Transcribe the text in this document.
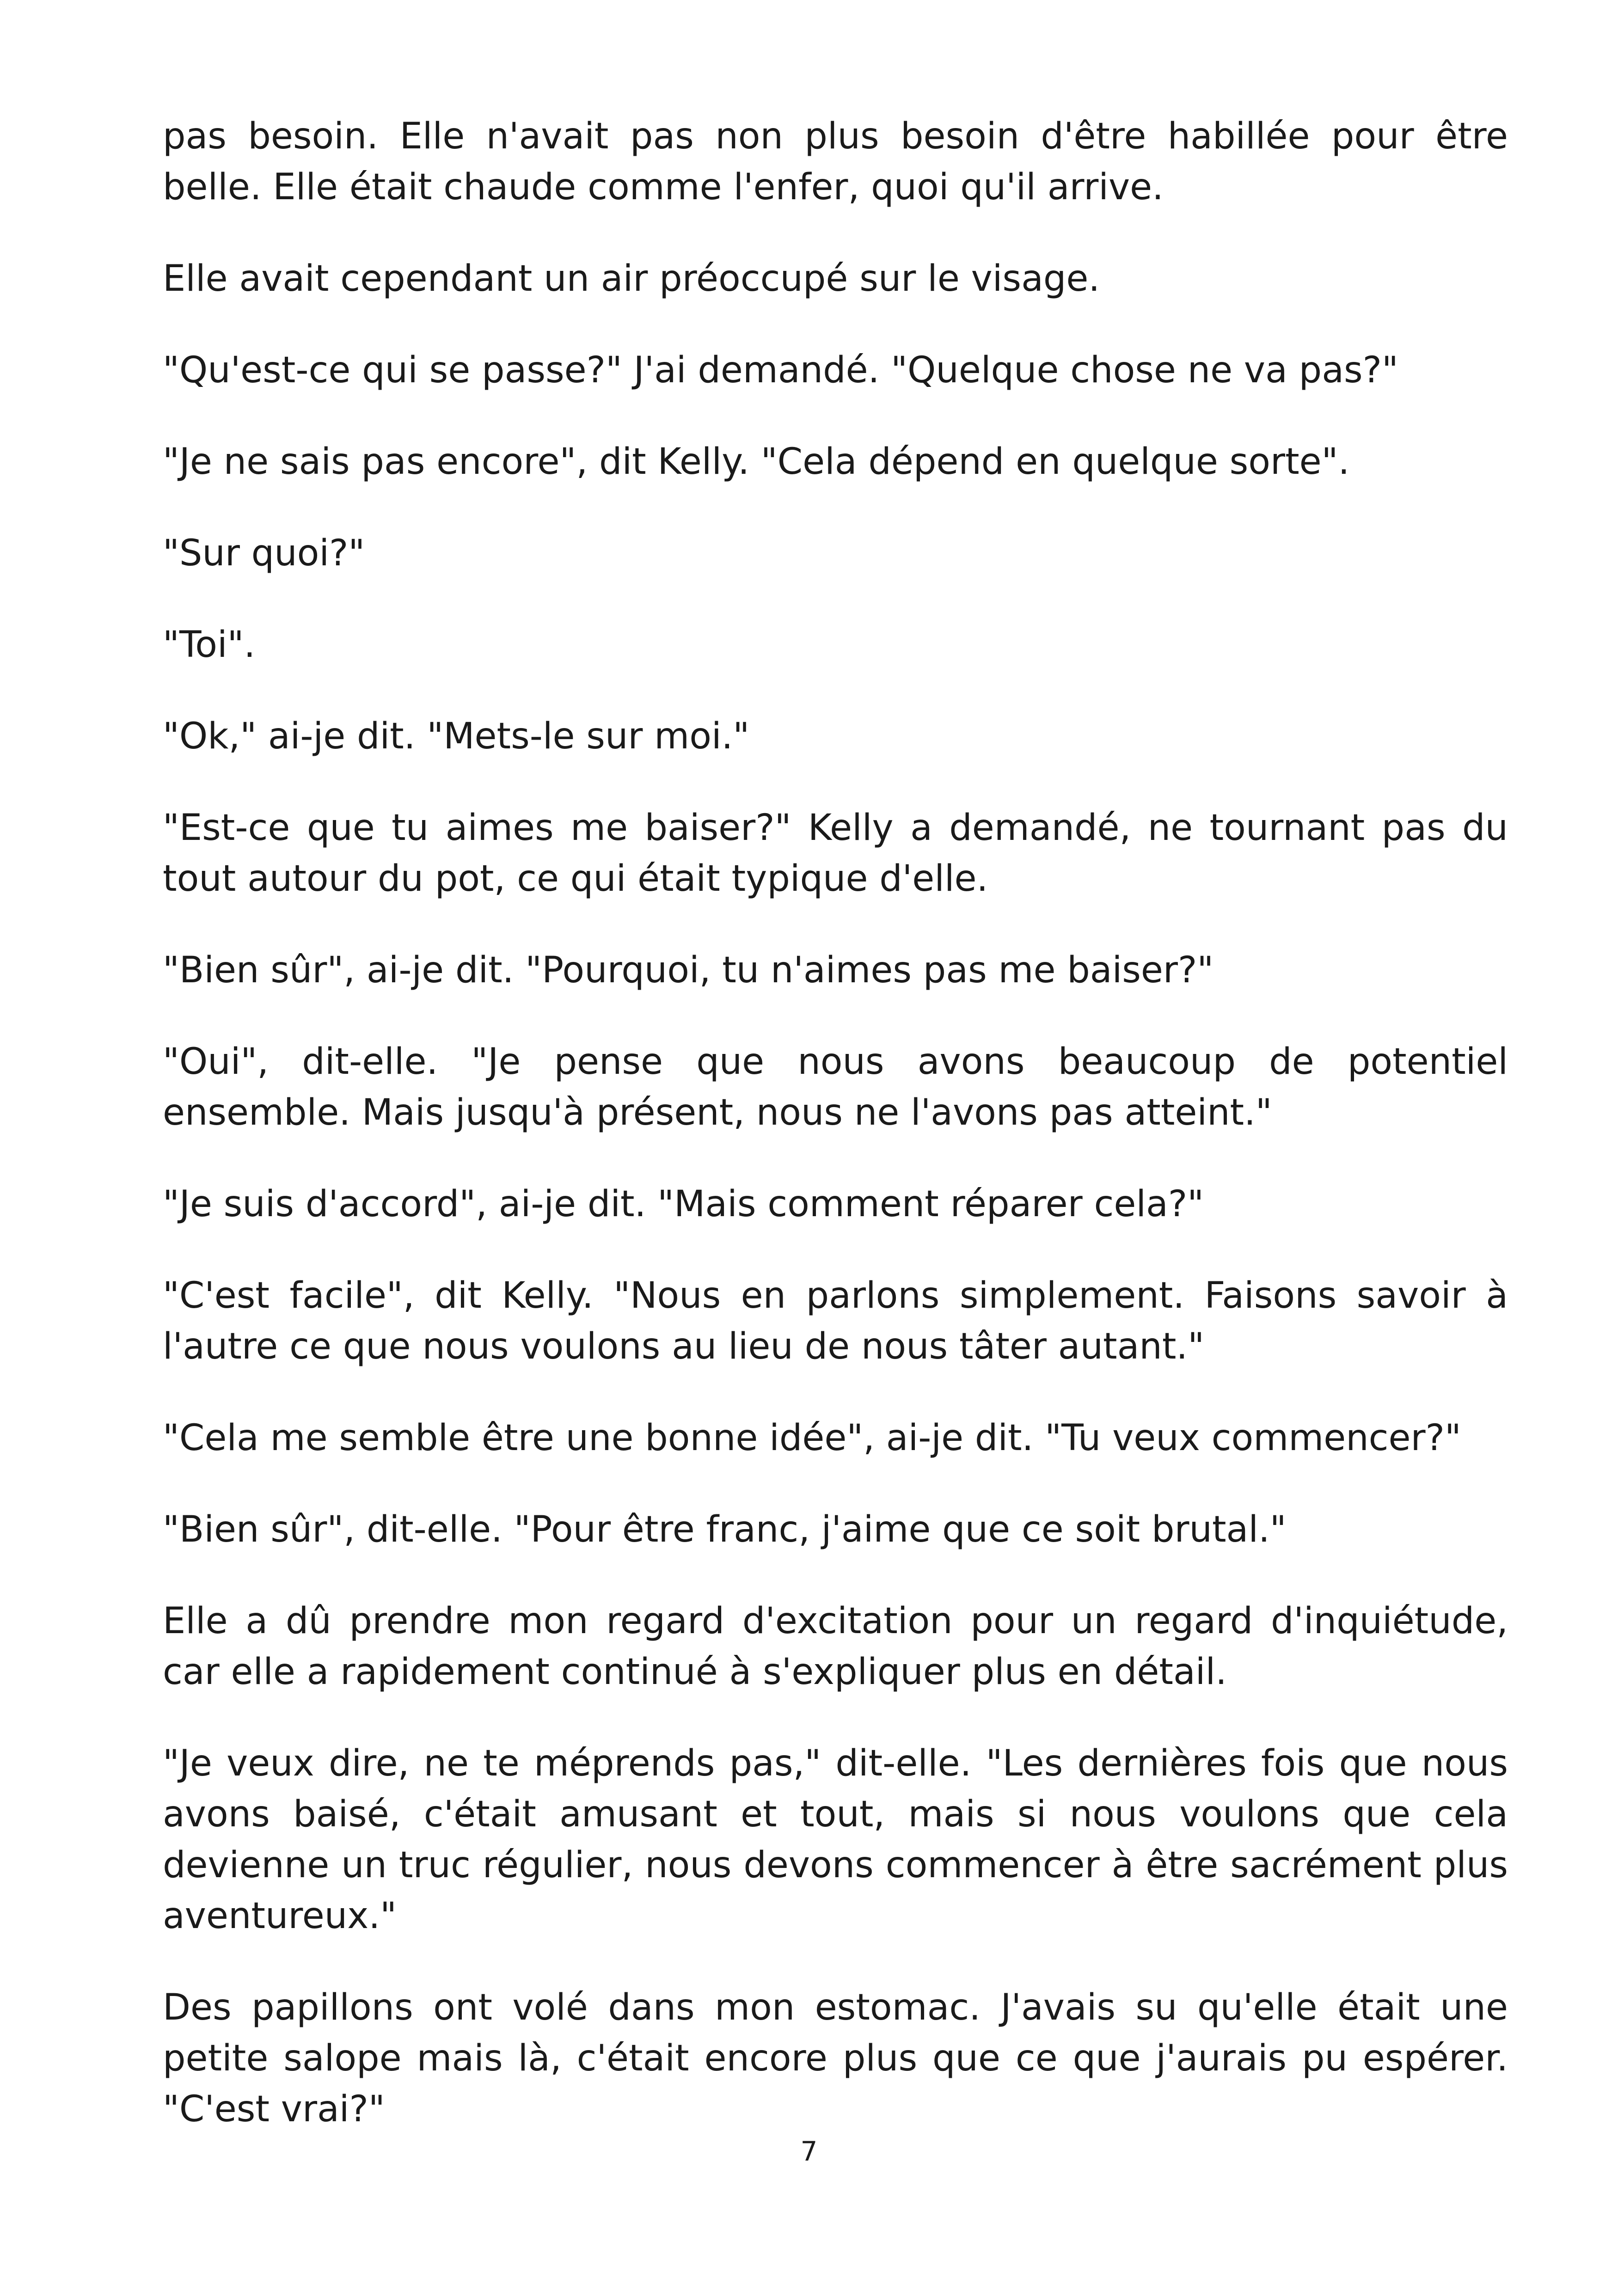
pas besoin. Elle n'avait pas non plus besoin d'être habillée pour être belle. Elle était chaude comme l'enfer, quoi qu'il arrive.

Elle avait cependant un air préoccupé sur le visage.

"Qu'est-ce qui se passe?" J'ai demandé. "Quelque chose ne va pas?"

"Je ne sais pas encore", dit Kelly. "Cela dépend en quelque sorte".

"Sur quoi?"

"Toi".

"Ok," ai-je dit. "Mets-le sur moi."

"Est-ce que tu aimes me baiser?" Kelly a demandé, ne tournant pas du tout autour du pot, ce qui était typique d'elle.

"Bien sûr", ai-je dit. "Pourquoi, tu n'aimes pas me baiser?"

"Oui", dit-elle. "Je pense que nous avons beaucoup de potentiel ensemble. Mais jusqu'à présent, nous ne l'avons pas atteint."

"Je suis d'accord", ai-je dit. "Mais comment réparer cela?"

"C'est facile", dit Kelly. "Nous en parlons simplement. Faisons savoir à l'autre ce que nous voulons au lieu de nous tâter autant."

"Cela me semble être une bonne idée", ai-je dit. "Tu veux commencer?"

"Bien sûr", dit-elle. "Pour être franc, j'aime que ce soit brutal."

Elle a dû prendre mon regard d'excitation pour un regard d'inquiétude, car elle a rapidement continué à s'expliquer plus en détail.

"Je veux dire, ne te méprends pas," dit-elle. "Les dernières fois que nous avons baisé, c'était amusant et tout, mais si nous voulons que cela devienne un truc régulier, nous devons commencer à être sacrément plus aventureux."

Des papillons ont volé dans mon estomac. J'avais su qu'elle était une petite salope mais là, c'était encore plus que ce que j'aurais pu espérer. "C'est vrai?"

7
